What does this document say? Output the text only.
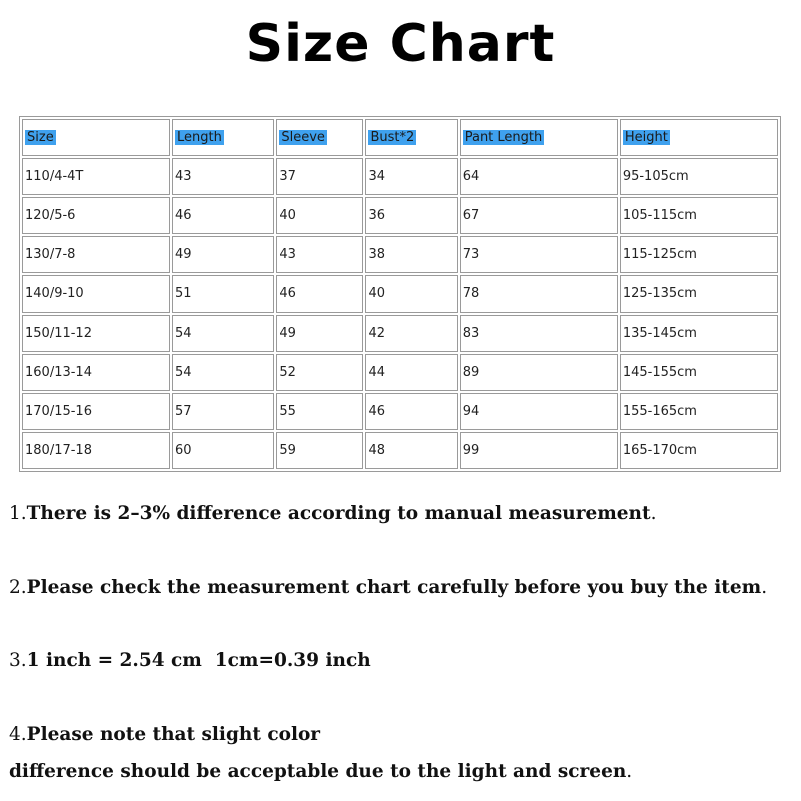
Size Chart
Size	Length	Sleeve	Bust*2	Pant Length	Height
110/4-4T	43	37	34	64	95-105cm
120/5-6	46	40	36	67	105-115cm
130/7-8	49	43	38	73	115-125cm
140/9-10	51	46	40	78	125-135cm
150/11-12	54	49	42	83	135-145cm
160/13-14	54	52	44	89	145-155cm
170/15-16	57	55	46	94	155-165cm
180/17-18	60	59	48	99	165-170cm
1.There is 2–3% difference according to manual measurement.
2.Please check the measurement chart carefully before you buy the item.
3.1 inch = 2.54 cm  1cm=0.39 inch
4.Please note that slight color
difference should be acceptable due to the light and screen.
